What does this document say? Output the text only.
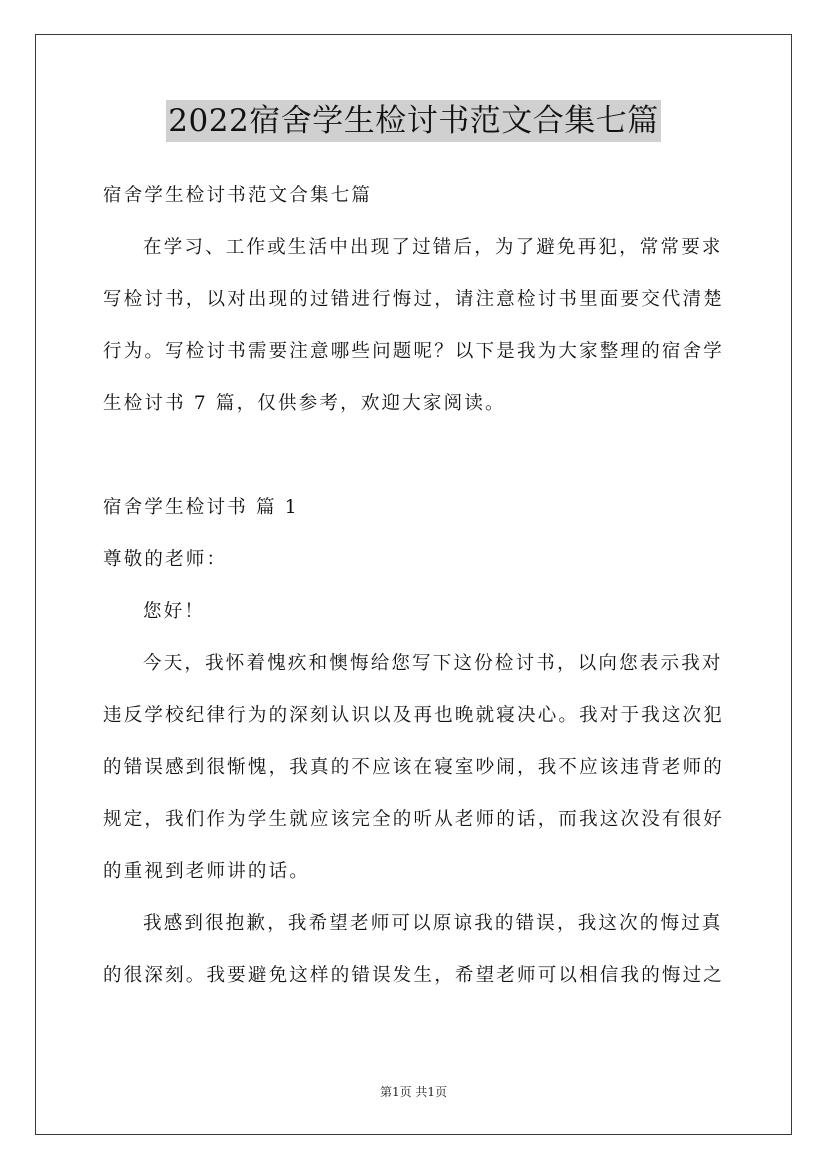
2022宿舍学生检讨书范文合集七篇
宿舍学生检讨书范文合集七篇
在学习、工作或生活中出现了过错后，为了避免再犯，常常要求
写检讨书，以对出现的过错进行悔过，请注意检讨书里面要交代清楚
行为。写检讨书需要注意哪些问题呢？以下是我为大家整理的宿舍学
生检讨书 7 篇，仅供参考，欢迎大家阅读。
宿舍学生检讨书 篇 1
尊敬的老师：
您好！
今天，我怀着愧疚和懊悔给您写下这份检讨书，以向您表示我对
违反学校纪律行为的深刻认识以及再也晚就寝决心。我对于我这次犯
的错误感到很惭愧，我真的不应该在寝室吵闹，我不应该违背老师的
规定，我们作为学生就应该完全的听从老师的话，而我这次没有很好
的重视到老师讲的话。
我感到很抱歉，我希望老师可以原谅我的错误，我这次的悔过真
的很深刻。我要避免这样的错误发生，希望老师可以相信我的悔过之
第1页 共1页
